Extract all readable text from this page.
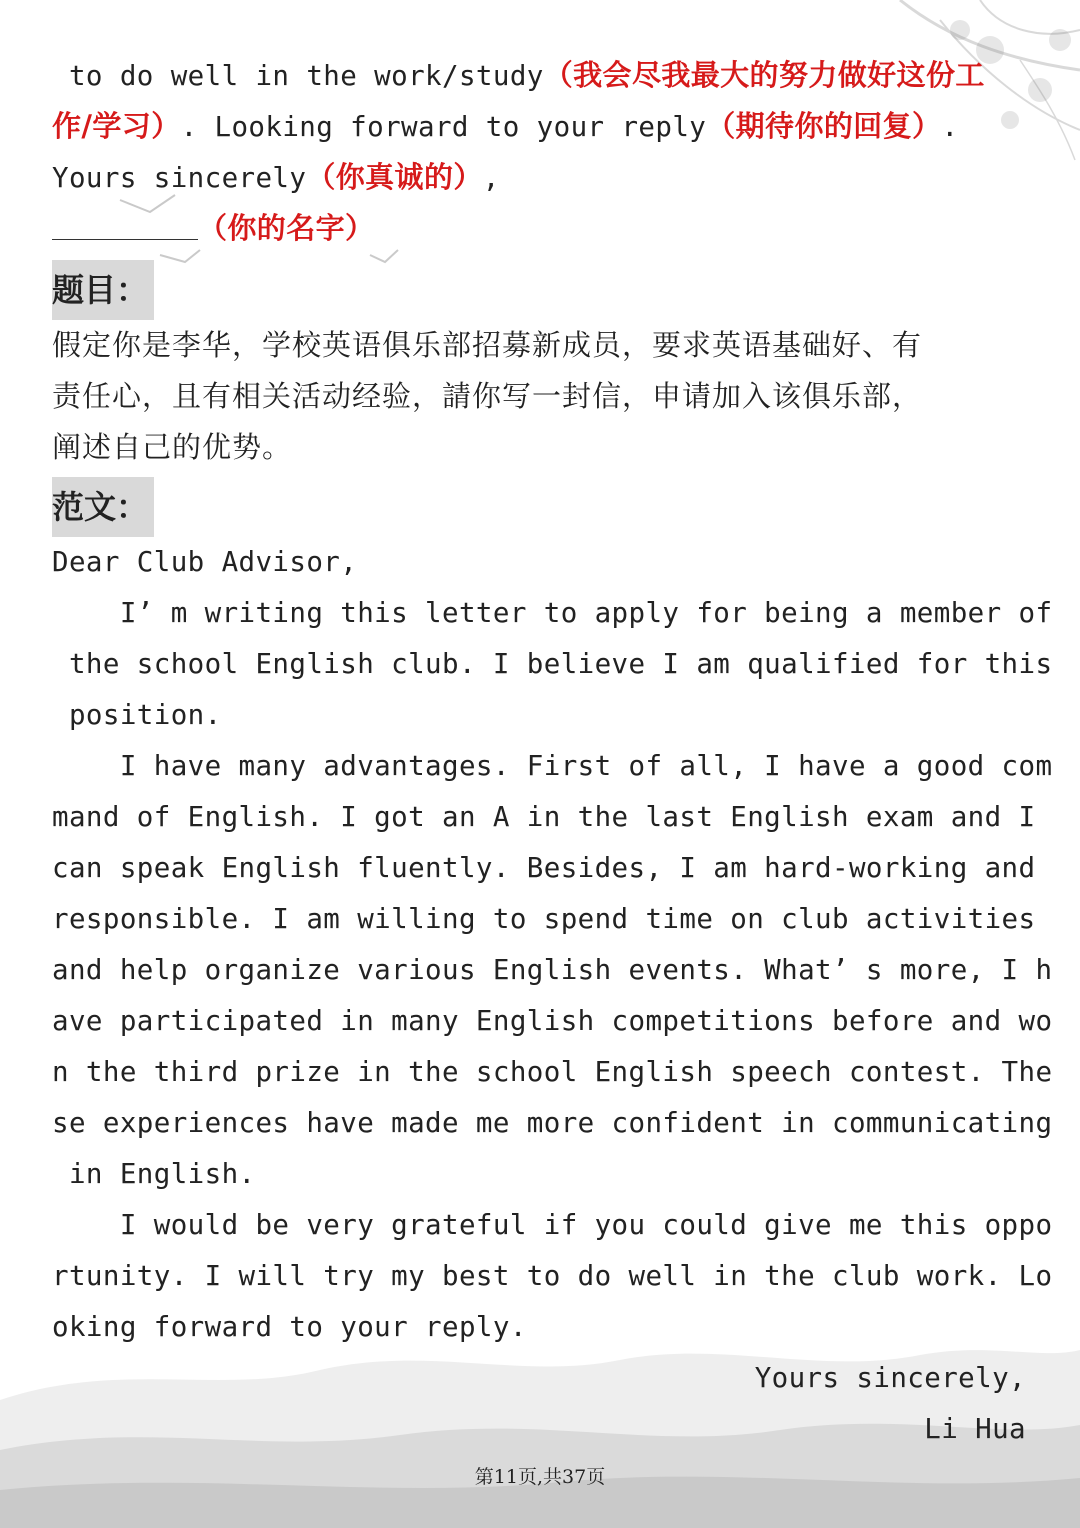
to do well in the work/study（我会尽我最大的努力做好这份工
作/学习）. Looking forward to your reply（期待你的回复）.
Yours sincerely（你真诚的）,
（你的名字）
题目：
假定你是李华，学校英语俱乐部招募新成员，要求英语基础好、有
责任心，且有相关活动经验，請你写一封信，申请加入该俱乐部，
阐述自己的优势。
范文：
Dear Club Advisor,
I’ m writing this letter to apply for being a member of
the school English club. I believe I am qualified for this
position.
I have many advantages. First of all, I have a good com
mand of English. I got an A in the last English exam and I
can speak English fluently. Besides, I am hard-working and
responsible. I am willing to spend time on club activities
and help organize various English events. What’ s more, I h
ave participated in many English competitions before and wo
n the third prize in the school English speech contest. The
se experiences have made me more confident in communicating
in English.
I would be very grateful if you could give me this oppo
rtunity. I will try my best to do well in the club work. Lo
oking forward to your reply.
Yours sincerely,
Li Hua
第11页,共37页
